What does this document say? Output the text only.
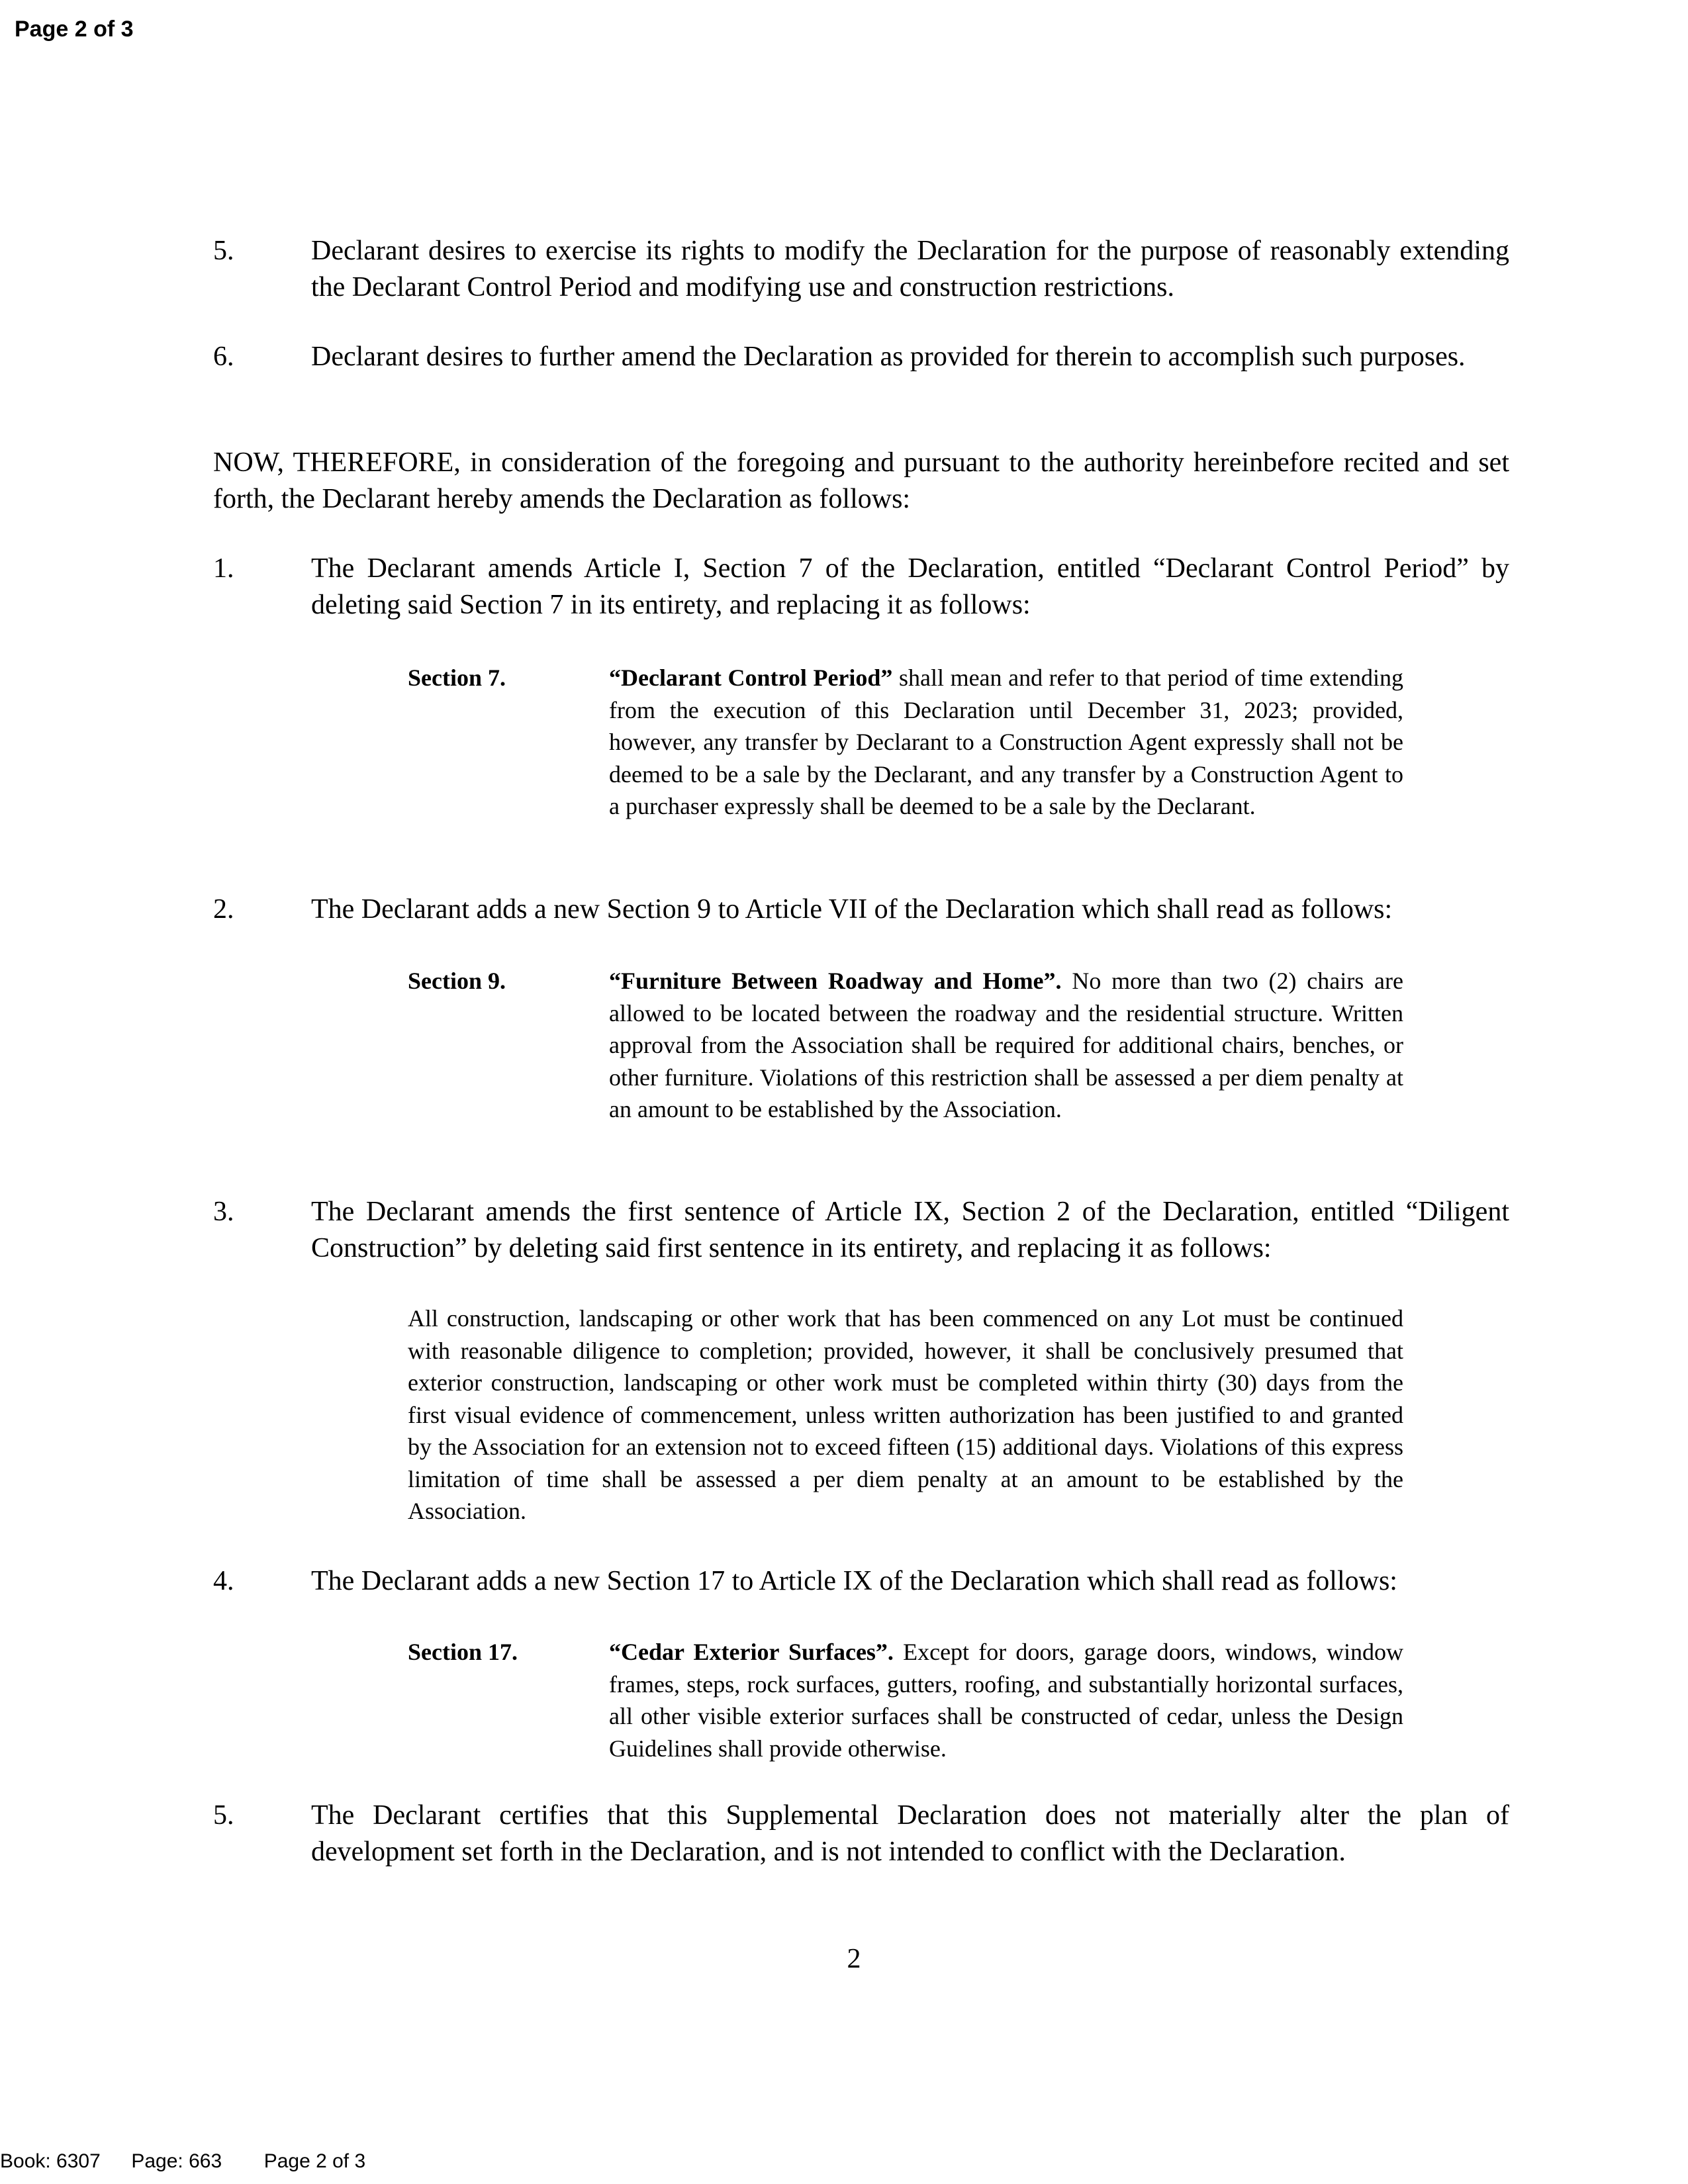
Page 2 of 3
5.	Declarant desires to exercise its rights to modify the Declaration for the purpose of reasonably extending the Declarant Control Period and modifying use and construction restrictions.
6.	Declarant desires to further amend the Declaration as provided for therein to accomplish such purposes.
NOW, THEREFORE, in consideration of the foregoing and pursuant to the authority hereinbefore recited and set forth, the Declarant hereby amends the Declaration as follows:
1.	The Declarant amends Article I, Section 7 of the Declaration, entitled “Declarant Control Period” by deleting said Section 7 in its entirety, and replacing it as follows:
Section 7.	“Declarant Control Period” shall mean and refer to that period of time extending from the execution of this Declaration until December 31, 2023; provided, however, any transfer by Declarant to a Construction Agent expressly shall not be deemed to be a sale by the Declarant, and any transfer by a Construction Agent to a purchaser expressly shall be deemed to be a sale by the Declarant.
2.	The Declarant adds a new Section 9 to Article VII of the Declaration which shall read as follows:
Section 9.	“Furniture Between Roadway and Home”. No more than two (2) chairs are allowed to be located between the roadway and the residential structure. Written approval from the Association shall be required for additional chairs, benches, or other furniture. Violations of this restriction shall be assessed a per diem penalty at an amount to be established by the Association.
3.	The Declarant amends the first sentence of Article IX, Section 2 of the Declaration, entitled “Diligent Construction” by deleting said first sentence in its entirety, and replacing it as follows:
All construction, landscaping or other work that has been commenced on any Lot must be continued with reasonable diligence to completion; provided, however, it shall be conclusively presumed that exterior construction, landscaping or other work must be completed within thirty (30) days from the first visual evidence of commencement, unless written authorization has been justified to and granted by the Association for an extension not to exceed fifteen (15) additional days. Violations of this express limitation of time shall be assessed a per diem penalty at an amount to be established by the Association.
4.	The Declarant adds a new Section 17 to Article IX of the Declaration which shall read as follows:
Section 17.	“Cedar Exterior Surfaces”. Except for doors, garage doors, windows, window frames, steps, rock surfaces, gutters, roofing, and substantially horizontal surfaces, all other visible exterior surfaces shall be constructed of cedar, unless the Design Guidelines shall provide otherwise.
5.	The Declarant certifies that this Supplemental Declaration does not materially alter the plan of development set forth in the Declaration, and is not intended to conflict with the Declaration.
2
Book: 6307 Page: 663 Page 2 of 3
